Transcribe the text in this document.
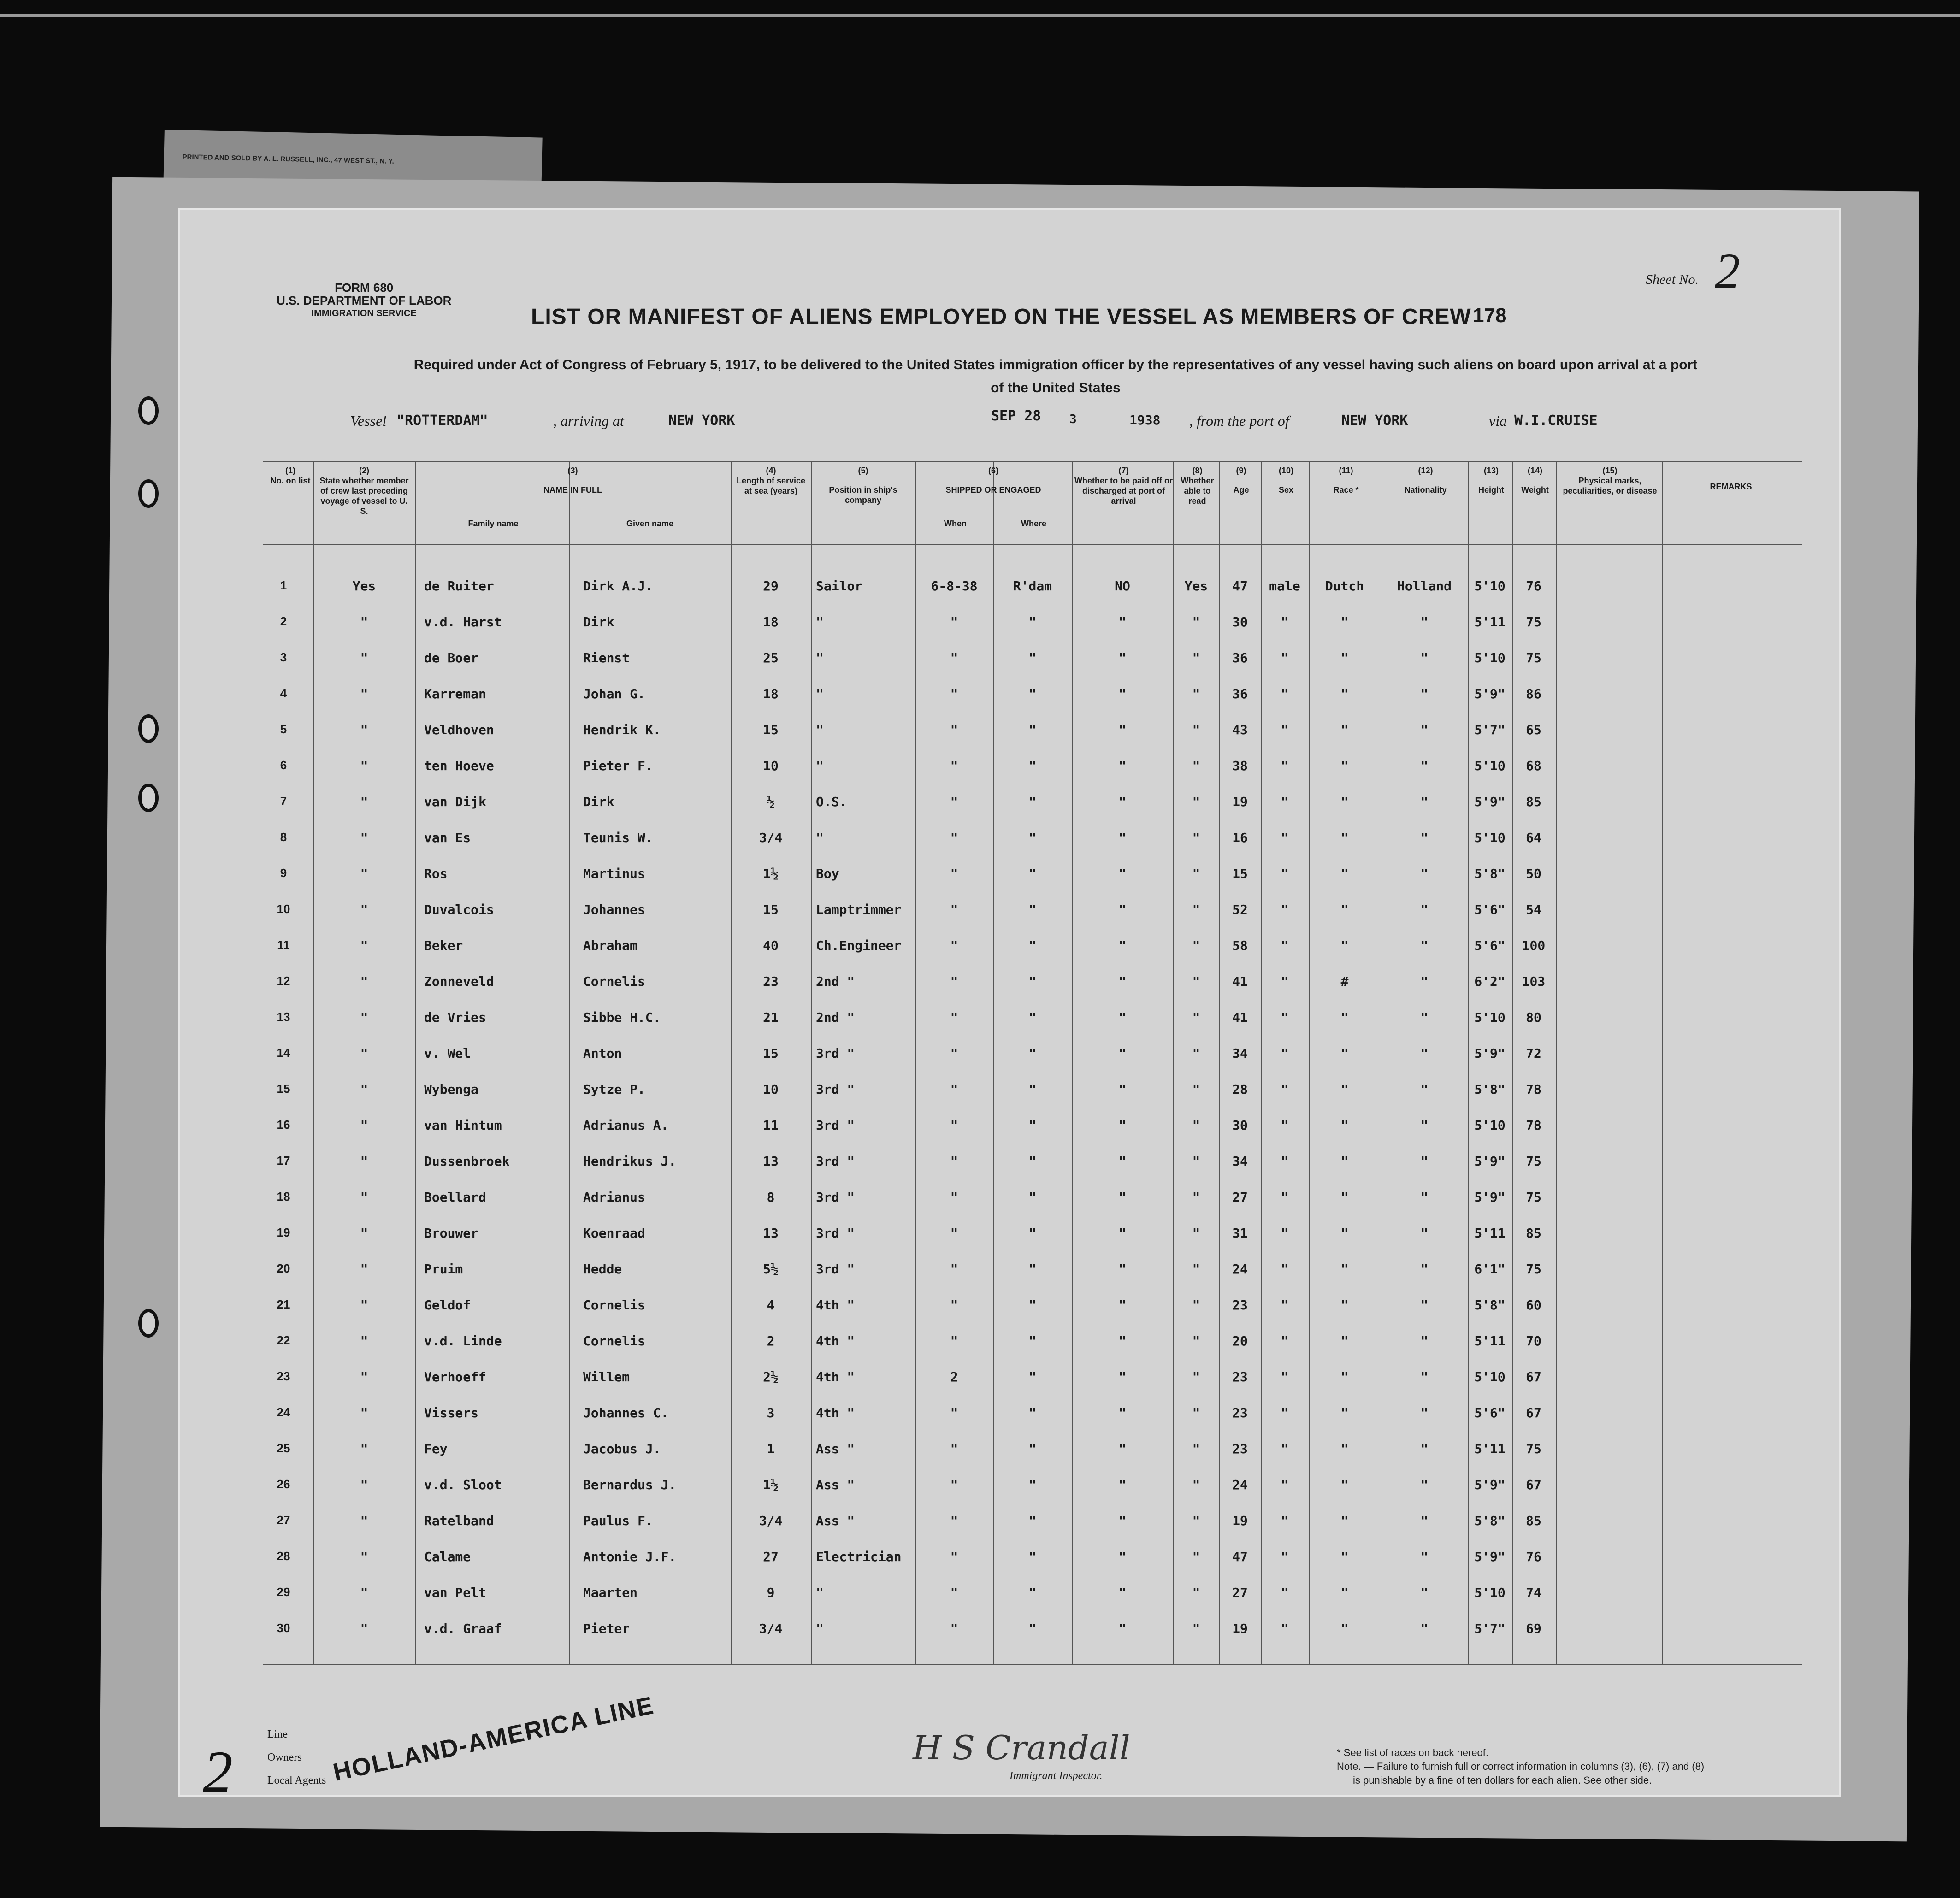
PRINTED AND SOLD BY A. L. RUSSELL, INC., 47 WEST ST., N. Y.
FORM 680
U.S. DEPARTMENT OF LABOR
IMMIGRATION SERVICE
Sheet No. 2
LIST OR MANIFEST OF ALIENS EMPLOYED ON THE VESSEL AS MEMBERS OF CREW 178
Required under Act of Congress of February 5, 1917, to be delivered to the United States immigration officer by the representatives of any vessel having such aliens on board upon arrival at a port
of the United States
Vessel "ROTTERDAM"	, arriving at	NEW YORK	SEP 28 3	1938 , from the port of	NEW YORK	via W.I.CRUISE
(1)
No. on list
(2)
State whether member of crew last preceding voyage of vessel to U. S.
(3)
NAME IN FULL
Family name	Given name
(4)
Length of service at sea (years)
(5)
Position in ship's company
(6)
SHIPPED OR ENGAGED
When	Where
(7)
Whether to be paid off or discharged at port of arrival
(8)
Whether able to read
(9)
Age
(10)
Sex
(11)
Race *
(12)
Nationality
(13)
Height
(14)
Weight
(15)
Physical marks, peculiarities, or disease	REMARKS
1	Yes	de Ruiter	Dirk A.J.	29	Sailor	6-8-38	R'dam	NO	Yes	47	male	Dutch	Holland	5'10	76
2	"	v.d. Harst	Dirk	18	"	"	"	"	"	30	"	"	"	5'11	75
3	"	de Boer	Rienst	25	"	"	"	"	"	36	"	"	"	5'10	75
4	"	Karreman	Johan G.	18	"	"	"	"	"	36	"	"	"	5'9"	86
5	"	Veldhoven	Hendrik K.	15	"	"	"	"	"	43	"	"	"	5'7"	65
6	"	ten Hoeve	Pieter F.	10	"	"	"	"	"	38	"	"	"	5'10	68
7	"	van Dijk	Dirk	½	O.S.	"	"	"	"	19	"	"	"	5'9"	85
8	"	van Es	Teunis W.	3/4	"	"	"	"	"	16	"	"	"	5'10	64
9	"	Ros	Martinus	1½	Boy	"	"	"	"	15	"	"	"	5'8"	50
10	"	Duvalcois	Johannes	15	Lamptrimmer	"	"	"	"	52	"	"	"	5'6"	54
11	"	Beker	Abraham	40	Ch.Engineer	"	"	"	"	58	"	"	"	5'6"	100
12	"	Zonneveld	Cornelis	23	2nd "	"	"	"	"	41	"	#	"	6'2"	103
13	"	de Vries	Sibbe H.C.	21	2nd "	"	"	"	"	41	"	"	"	5'10	80
14	"	v. Wel	Anton	15	3rd "	"	"	"	"	34	"	"	"	5'9"	72
15	"	Wybenga	Sytze P.	10	3rd "	"	"	"	"	28	"	"	"	5'8"	78
16	"	van Hintum	Adrianus A.	11	3rd "	"	"	"	"	30	"	"	"	5'10	78
17	"	Dussenbroek	Hendrikus J.	13	3rd "	"	"	"	"	34	"	"	"	5'9"	75
18	"	Boellard	Adrianus	8	3rd "	"	"	"	"	27	"	"	"	5'9"	75
19	"	Brouwer	Koenraad	13	3rd "	"	"	"	"	31	"	"	"	5'11	85
20	"	Pruim	Hedde	5½	3rd "	"	"	"	"	24	"	"	"	6'1"	75
21	"	Geldof	Cornelis	4	4th "	"	"	"	"	23	"	"	"	5'8"	60
22	"	v.d. Linde	Cornelis	2	4th "	"	"	"	"	20	"	"	"	5'11	70
23	"	Verhoeff	Willem	2½	4th "	2	"	"	"	23	"	"	"	5'10	67
24	"	Vissers	Johannes C.	3	4th "	"	"	"	"	23	"	"	"	5'6"	67
25	"	Fey	Jacobus J.	1	Ass "	"	"	"	"	23	"	"	"	5'11	75
26	"	v.d. Sloot	Bernardus J.	1½	Ass "	"	"	"	"	24	"	"	"	5'9"	67
27	"	Ratelband	Paulus F.	3/4	Ass "	"	"	"	"	19	"	"	"	5'8"	85
28	"	Calame	Antonie J.F.	27	Electrician	"	"	"	"	47	"	"	"	5'9"	76
29	"	van Pelt	Maarten	9	"	"	"	"	"	27	"	"	"	5'10	74
30	"	v.d. Graaf	Pieter	3/4	"	"	"	"	"	19	"	"	"	5'7"	69
Line
Owners
Local Agents HOLLAND-AMERICA LINE	H S Crandall
Immigrant Inspector.
* See list of races on back hereof.
Note. — Failure to furnish full or correct information in columns (3), (6), (7) and (8)
is punishable by a fine of ten dollars for each alien. See other side.
2
